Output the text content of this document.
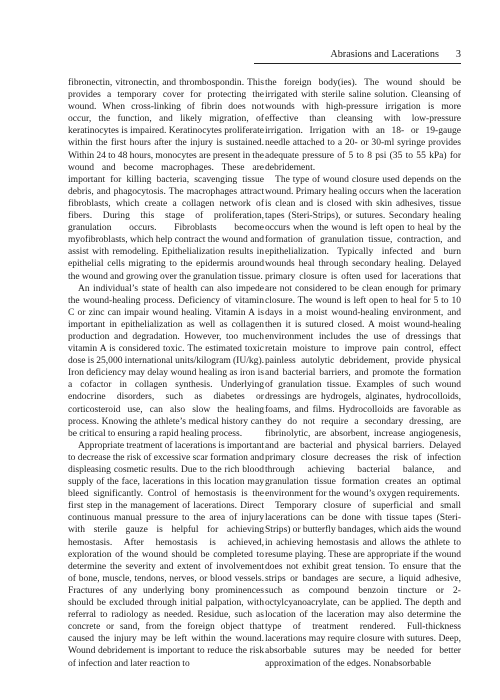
Abrasions and Lacerations 3

fibronectin, vitronectin, and thrombospondin. This provides a temporary cover for protecting the wound. When cross-linking of fibrin does not occur, the function, and likely migration, of keratinocytes is impaired. Keratinocytes proliferate within the first hours after the injury is sustained. Within 24 to 48 hours, monocytes are present in the wound and become macrophages. These are important for killing bacteria, scavenging tissue debris, and phagocytosis. The macrophages attract fibroblasts, which create a collagen network of fibers. During this stage of proliferation, granulation occurs. Fibroblasts become myofibroblasts, which help contract the wound and assist with remodeling. Epithelialization results in epithelial cells migrating to the epidermis around the wound and growing over the granulation tissue.

An individual’s state of health can also impede the wound-healing process. Deficiency of vitamin C or zinc can impair wound healing. Vitamin A is important in epithelialization as well as collagen production and degradation. However, too much vitamin A is considered toxic. The estimated toxic dose is 25,000 international units/kilogram (IU/kg). Iron deficiency may delay wound healing as iron is a cofactor in collagen synthesis. Underlying endocrine disorders, such as diabetes or corticosteroid use, can also slow the healing process. Knowing the athlete’s medical history can be critical to ensuring a rapid healing process.

Appropriate treatment of lacerations is important to decrease the risk of excessive scar formation and displeasing cosmetic results. Due to the rich blood supply of the face, lacerations in this location may bleed significantly. Control of hemostasis is the first step in the management of lacerations. Direct continuous manual pressure to the area of injury with sterile gauze is helpful for achieving hemostasis. After hemostasis is achieved, exploration of the wound should be completed to determine the severity and extent of involvement of bone, muscle, tendons, nerves, or blood vessels. Fractures of any underlying bony prominences should be excluded through initial palpation, with referral to radiology as needed. Residue, such as concrete or sand, from the foreign object that caused the injury may be left within the wound. Wound debridement is important to reduce the risk of infection and later reaction to

the foreign body(ies). The wound should be irrigated with sterile saline solution. Cleansing of wounds with high-pressure irrigation is more effective than cleansing with low-pressure irrigation. Irrigation with an 18- or 19-gauge needle attached to a 20- or 30-ml syringe provides adequate pressure of 5 to 8 psi (35 to 55 kPa) for debridement.

The type of wound closure used depends on the wound. Primary healing occurs when the laceration is clean and is closed with skin adhesives, tissue tapes (Steri-Strips), or sutures. Secondary healing occurs when the wound is left open to heal by the formation of granulation tissue, contraction, and epithelialization. Typically infected and burn wounds heal through secondary healing. Delayed primary closure is often used for lacerations that are not considered to be clean enough for primary closure. The wound is left open to heal for 5 to 10 days in a moist wound-healing environment, and then it is sutured closed. A moist wound-healing environment includes the use of dressings that retain moisture to improve pain control, effect painless autolytic debridement, provide physical and bacterial barriers, and promote the formation of granulation tissue. Examples of such wound dressings are hydrogels, alginates, hydrocolloids, foams, and films. Hydrocolloids are favorable as they do not require a secondary dressing, are fibrinolytic, are absorbent, increase angiogenesis, and are bacterial and physical barriers. Delayed primary closure decreases the risk of infection through achieving bacterial balance, and granulation tissue formation creates an optimal environment for the wound’s oxygen requirements.

Temporary closure of superficial and small lacerations can be done with tissue tapes (Steri-Strips) or butterfly bandages, which aids the wound in achieving hemostasis and allows the athlete to resume playing. These are appropriate if the wound does not exhibit great tension. To ensure that the strips or bandages are secure, a liquid adhesive, such as compound benzoin tincture or 2-octylcyanoacrylate, can be applied. The depth and location of the laceration may also determine the type of treatment rendered. Full-thickness lacerations may require closure with sutures. Deep, absorbable sutures may be needed for better approximation of the edges. Nonabsorbable
